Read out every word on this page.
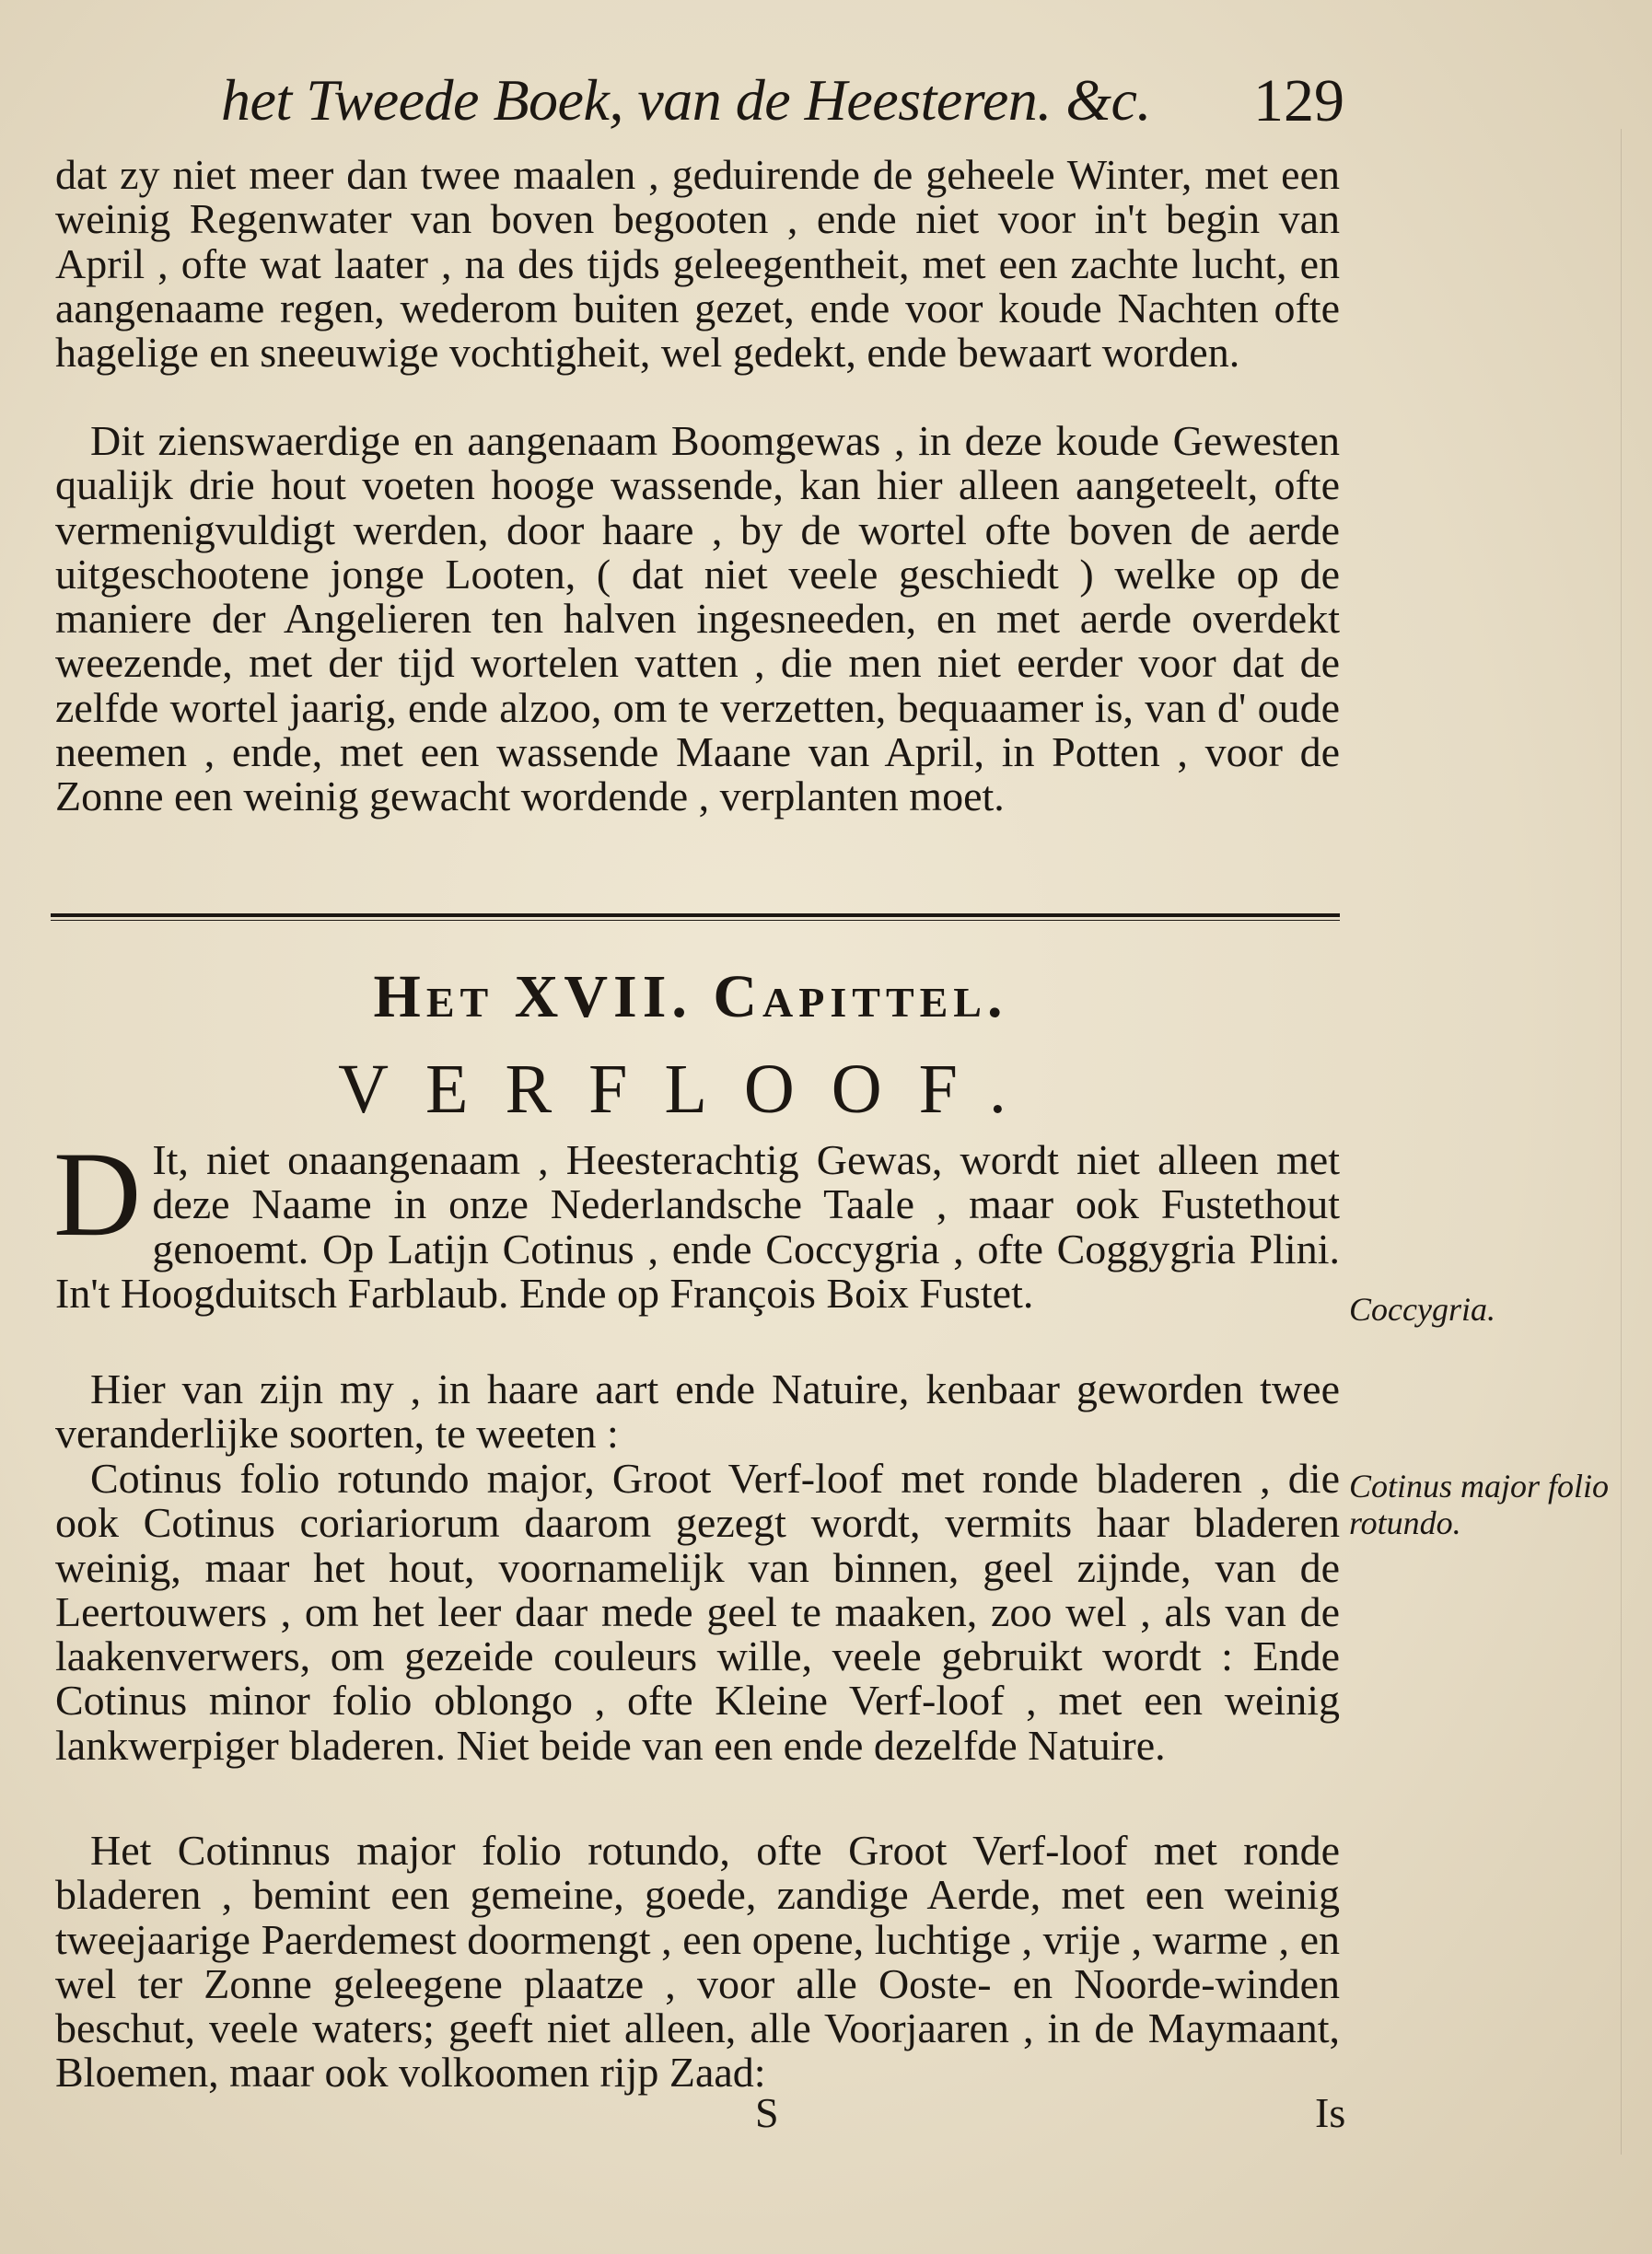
het Tweede Boek, van de Heesteren. &c. 129

dat zy niet meer dan twee maalen , geduirende de geheele Winter, met een weinig Regenwater van boven begooten , ende niet voor in't begin van April , ofte wat laater , na des tijds geleegentheit, met een zachte lucht, en aangenaame regen, wederom buiten gezet, ende voor koude Nachten ofte hagelige en sneeuwige vochtigheit, wel gedekt, ende bewaart worden.

Dit zienswaerdige en aangenaam Boomgewas , in deze koude Gewesten qualijk drie hout voeten hooge wassende, kan hier alleen aangeteelt, ofte vermenigvuldigt werden, door haare , by de wortel ofte boven de aerde uitgeschootene jonge Looten, ( dat niet veele geschiedt ) welke op de maniere der Angelieren ten halven ingesneeden, en met aerde overdekt weezende, met der tijd wortelen vatten , die men niet eerder voor dat de zelfde wortel jaarig, ende alzoo, om te verzetten, bequaamer is, van d' oude neemen , ende, met een wassende Maane van April, in Potten , voor de Zonne een weinig gewacht wordende , verplanten moet.

Het XVII. Capittel.
VERFLOOF.
D It, niet onaangenaam , Heesterachtig Gewas, wordt niet alleen met deze Naame in onze Nederlandsche Taale , maar ook Fustethout genoemt. Op Latijn Cotinus , ende Coccygria , ofte Coggygria Plini. In't Hoogduitsch Farblaub. Ende op François Boix Fustet.

Hier van zijn my , in haare aart ende Natuire, kenbaar geworden twee veranderlijke soorten, te weeten :

Cotinus folio rotundo major, Groot Verf-loof met ronde bladeren , die ook Cotinus coriariorum daarom gezegt wordt, vermits haar bladeren weinig, maar het hout, voornamelijk van binnen, geel zijnde, van de Leertouwers , om het leer daar mede geel te maaken, zoo wel , als van de laakenverwers, om gezeide couleurs wille, veele gebruikt wordt : Ende Cotinus minor folio oblongo , ofte Kleine Verf-loof , met een weinig lankwerpiger bladeren. Niet beide van een ende dezelfde Natuire.

Het Cotinnus major folio rotundo, ofte Groot Verf-loof met ronde bladeren , bemint een gemeine, goede, zandige Aerde, met een weinig tweejaarige Paerdemest doormengt , een opene, luchtige , vrije , warme , en wel ter Zonne geleegene plaatze , voor alle Ooste- en Noorde-winden beschut, veele waters; geeft niet alleen, alle Voorjaaren , in de Maymaant, Bloemen, maar ook volkoomen rijp Zaad:

S	Is
Coccygria.
Cotinus major folio rotundo.
